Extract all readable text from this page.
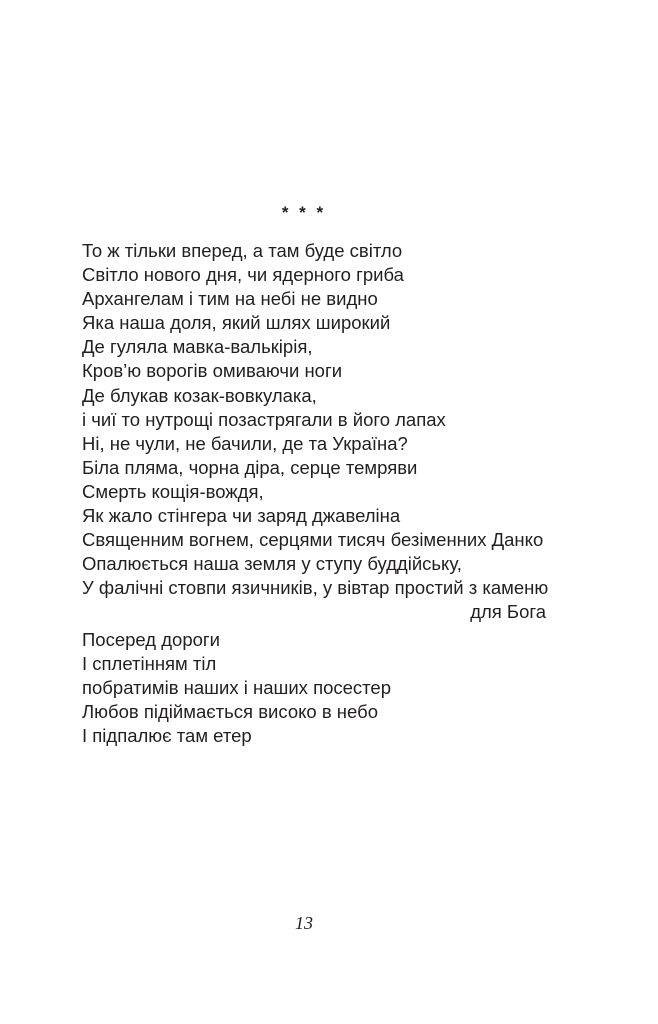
* * *
То ж тільки вперед, а там буде світло
Світло нового дня, чи ядерного гриба
Архангелам і тим на небі не видно
Яка наша доля, який шлях широкий
Де гуляла мавка-валькірія,
Кров’ю ворогів омиваючи ноги
Де блукав козак-вовкулака,
і чиї то нутрощі позастрягали в його лапах
Ні, не чули, не бачили, де та Україна?
Біла пляма, чорна діра, серце темряви
Смерть кощія-вождя,
Як жало стінгера чи заряд джавеліна
Священним вогнем, серцями тисяч безіменних Данко
Опалюється наша земля у ступу буддійську,
У фалічні стовпи язичників, у вівтар простий з каменю
для Бога
Посеред дороги
І сплетінням тіл
побратимів наших і наших посестер
Любов підіймається високо в небо
І підпалює там етер
13
